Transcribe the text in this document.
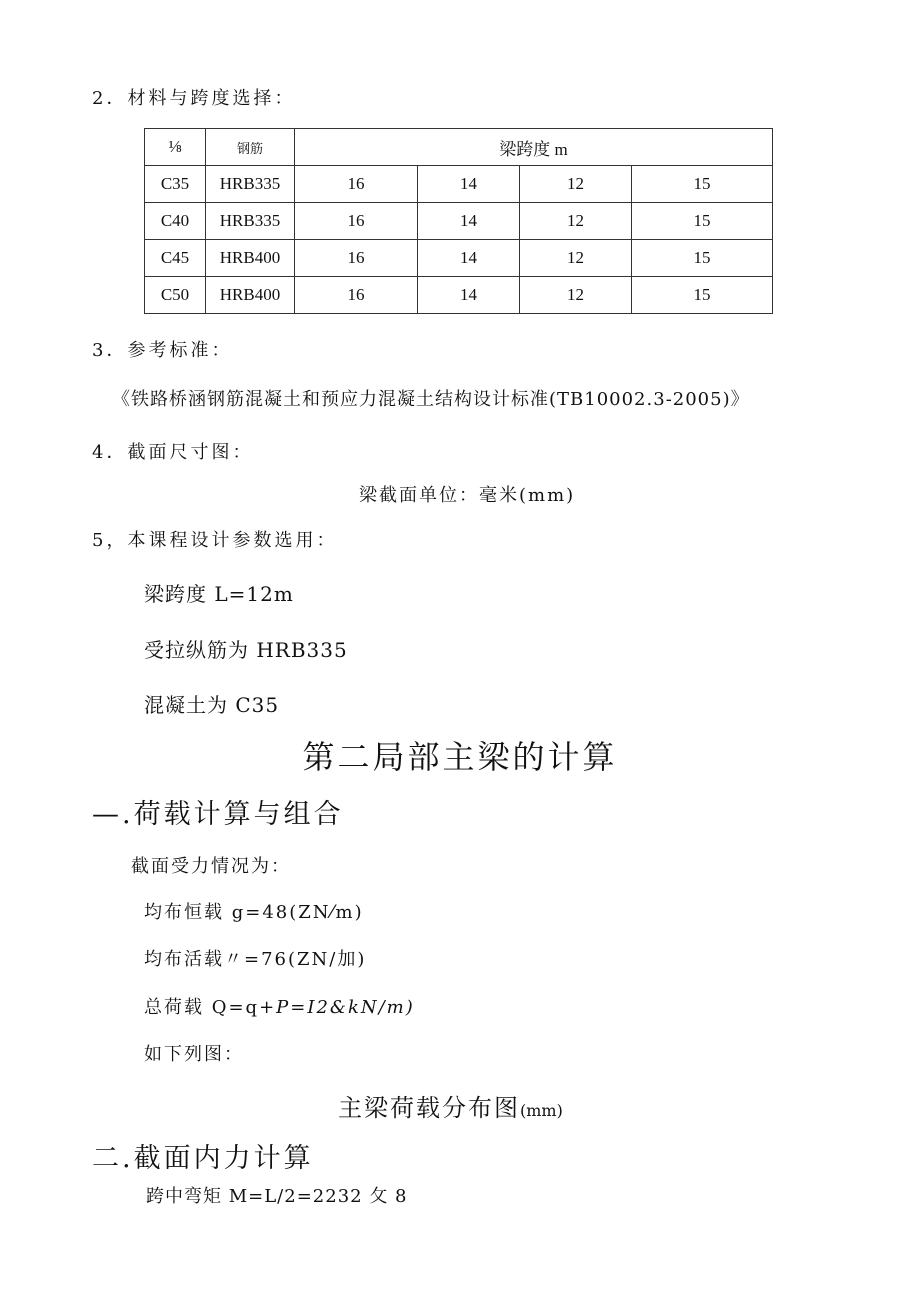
2．材料与跨度选择：
⅛	钢筋	梁跨度 m			
C35	HRB335	16	14	12	15
C40	HRB335	16	14	12	15
C45	HRB400	16	14	12	15
C50	HRB400	16	14	12	15
3．参考标准：
《铁路桥涵钢筋混凝土和预应力混凝土结构设计标准(TB10002.3-2005)》
4．截面尺寸图：
梁截面单位：毫米(mm)
5，本课程设计参数选用：
梁跨度 L=12m
受拉纵筋为 HRB335
混凝土为 C35
第二局部主梁的计算
—.荷载计算与组合
截面受力情况为：
均布恒载 g=48(ZN⁄m)
均布活载〃=76(ZN/加)
总荷载 Q=q+P=I2&kN/m)
如下列图：
主梁荷载分布图(mm)
二.截面内力计算
跨中弯矩 M=L/2=2232 攵 8
